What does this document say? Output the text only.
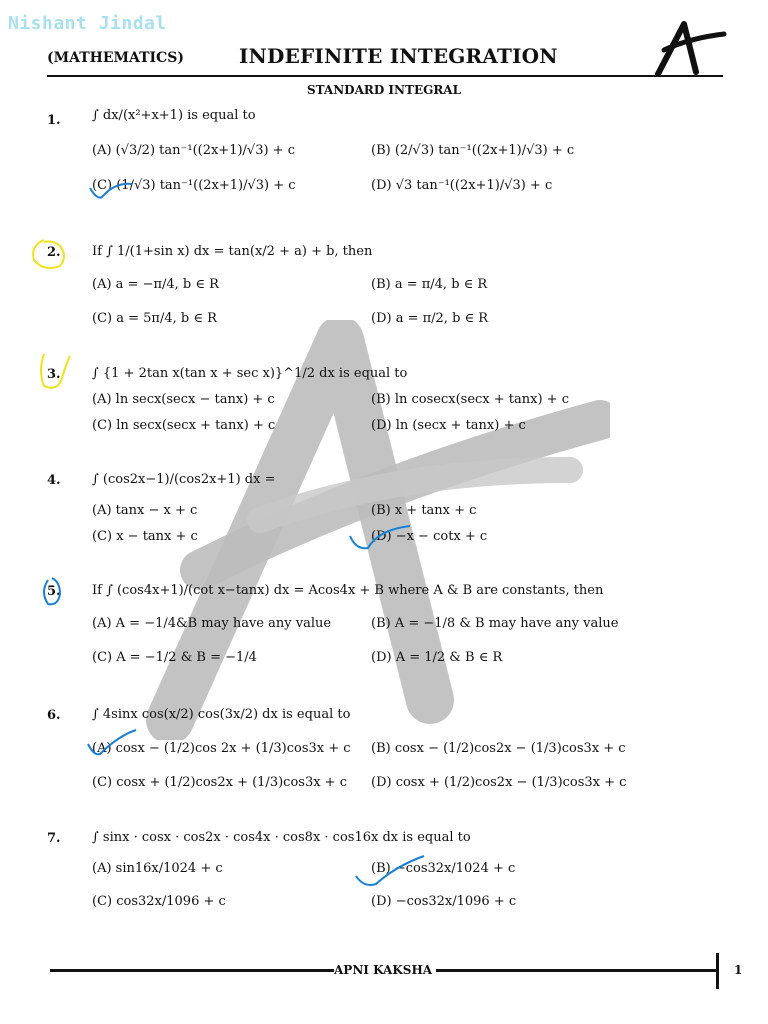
Nishant Jindal
(MATHEMATICS)	INDEFINITE INTEGRATION
STANDARD INTEGRAL
1. ∫ dx/(x²+x+1) is equal to
(A) (√3/2) tan⁻¹((2x+1)/√3) + c	(B) (2/√3) tan⁻¹((2x+1)/√3) + c
(C) (1/√3) tan⁻¹((2x+1)/√3) + c	(D) √3 tan⁻¹((2x+1)/√3) + c
2. If ∫ 1/(1+sin x) dx = tan(x/2 + a) + b, then
(A) a = −π/4, b ∈ R	(B) a = π/4, b ∈ R
(C) a = 5π/4, b ∈ R	(D) a = π/2, b ∈ R
3. ∫ {1 + 2tan x(tan x + sec x)}^1/2 dx is equal to
(A) ln secx(secx − tanx) + c	(B) ln cosecx(secx + tanx) + c
(C) ln secx(secx + tanx) + c	(D) ln (secx + tanx) + c
4. ∫ (cos2x−1)/(cos2x+1) dx =
(A) tanx − x + c	(B) x + tanx + c
(C) x − tanx + c	(D) −x − cotx + c
5. If ∫ (cos4x+1)/(cot x−tanx) dx = Acos4x + B where A & B are constants, then
(A) A = −1/4&B may have any value	(B) A = −1/8 & B may have any value
(C) A = −1/2 & B = −1/4	(D) A = 1/2 & B ∈ R
6. ∫ 4sinx cos(x/2) cos(3x/2) dx is equal to
(A) cosx − (1/2)cos 2x + (1/3)cos3x + c (B) cosx − (1/2)cos2x − (1/3)cos3x + c
(C) cosx + (1/2)cos2x + (1/3)cos3x + c (D) cosx + (1/2)cos2x − (1/3)cos3x + c
7. ∫ sinx · cosx · cos2x · cos4x · cos8x · cos16x dx is equal to
(A) sin16x/1024 + c	(B) −cos32x/1024 + c
(C) cos32x/1096 + c	(D) −cos32x/1096 + c
APNI KAKSHA	1
